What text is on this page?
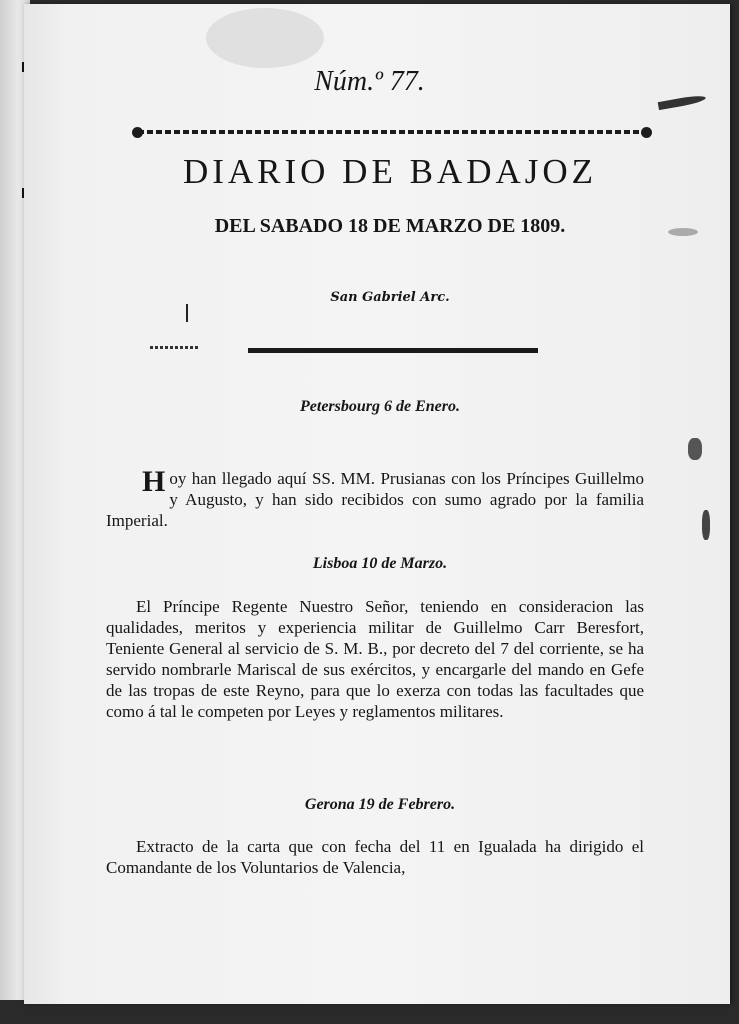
Núm.º 77.
DIARIO DE BADAJOZ
DEL SABADO 18 DE MARZO DE 1809.
San Gabriel Arc.
Petersbourg 6 de Enero.
H oy han llegado aquí SS. MM. Prusianas con los Príncipes Guillelmo y Augusto, y han sido recibidos con sumo agrado por la familia Imperial.
Lisboa 10 de Marzo.
El Príncipe Regente Nuestro Señor, teniendo en consideracion las qualidades, meritos y experiencia militar de Guillelmo Carr Beresfort, Teniente General al servicio de S. M. B., por decreto del 7 del corriente, se ha servido nombrarle Mariscal de sus exércitos, y encargarle del mando en Gefe de las tropas de este Reyno, para que lo exerza con todas las facultades que como á tal le competen por Leyes y reglamentos militares.
Gerona 19 de Febrero.
Extracto de la carta que con fecha del 11 en Igualada ha dirigido el Comandante de los Voluntarios de Valencia,
